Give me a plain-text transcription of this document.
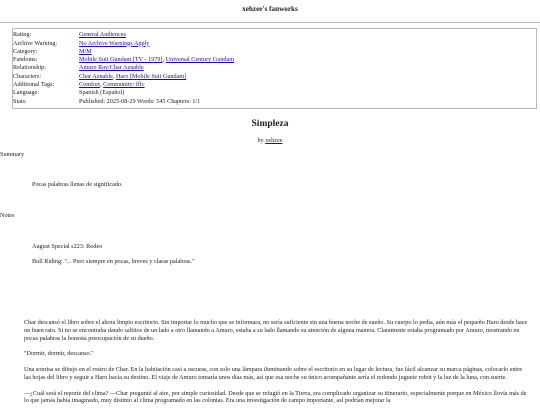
xehzee's fanworks
Rating:	General Audiences
Archive Warning:	No Archive Warnings Apply
Category:	M/M
Fandoms:	Mobile Suit Gundam [TV - 1979], Universal Century Gundam
Relationship:	Amuro Ray/Char Aznable
Characters:	Char Aznable, Haro [Mobile Suit Gundam]
Additional Tags:	Comfort, Community: fffc
Language:	Spanish (Español)
Stats:	Published: 2025-08-29 Words: 545 Chapters: 1/1
Simpleza
by xehzee
Summary
Pocas palabras llenas de significado.
Notes
August Special s223: Rodeo
Bull Riding: "... Pero siempre en pocas, breves y claras palabras."

Char descansó el libro sobre el ahora limpio escritorio. Sin importar lo mucho que se informara, no sería suficiente sin una buena noche de sueño. Su cuerpo lo pedía, aún más el pequeño Haro desde hace un buen rato. Si no se encontraba dando saltitos de un lado a otro llamando a Amuro, estaba a su lado llamando su atención de alguna manera. Claramente estaba programado por Amuro, mostrando en pocas palabras la honesta preocupación de su dueño.

"Dormir, dormir, descanso."

Una sonrisa se dibujo en el rostro de Char. En la habitación casi a oscuras, con solo una lámpara iluminando sobre el escritorio en su lugar de lectura, fue fácil alcanzar su marca páginas, colocarlo entre las hojas del libro y seguir a Haro hacia su destino. El viaje de Amuro tomaría unos días más, así que esa noche su único acompañante sería el redondo juguete robot y la luz de la luna, con suerte.

—¿Cuál será el reporte del clima? —Char preguntó al aire, por simple curiosidad. Desde que se refugió en la Tierra, era complicado organizar su itinerario, especialmente porque en México llovía más de lo que jamás había imaginado, muy distinto al clima programado en las colonias. Era una investigación de campo importante, así podrían mejorar la
